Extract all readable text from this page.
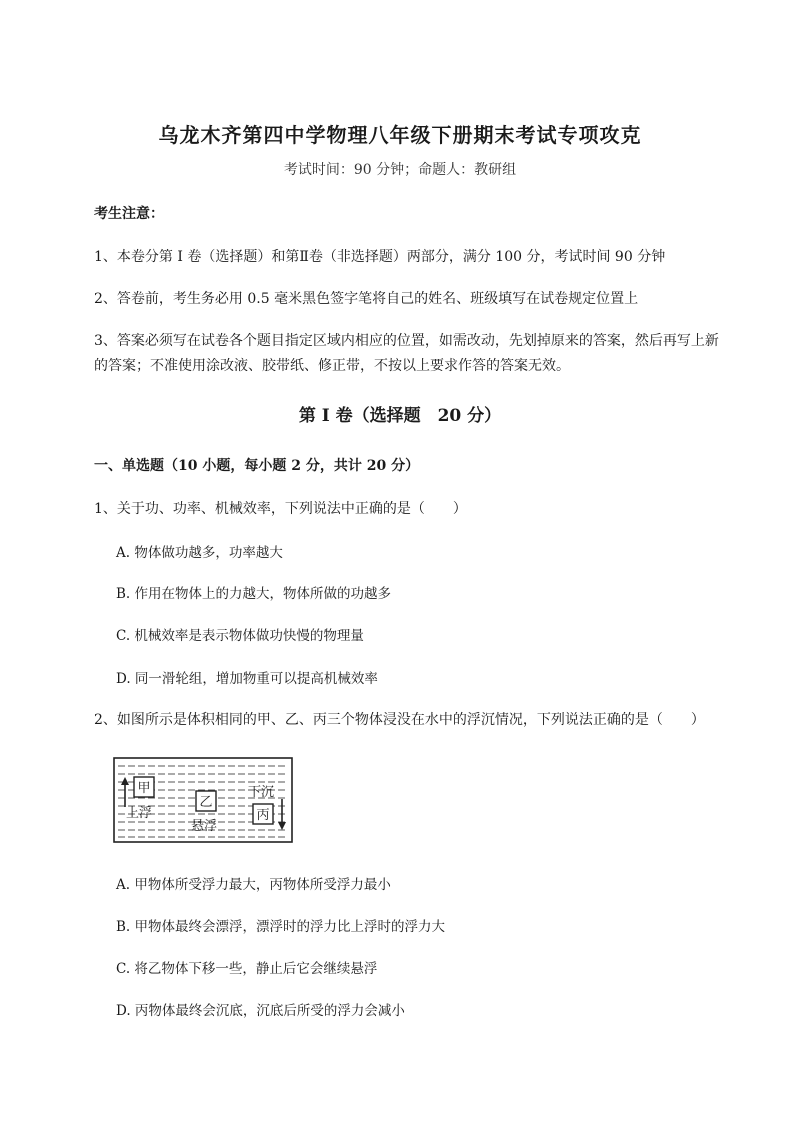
乌龙木齐第四中学物理八年级下册期末考试专项攻克
考试时间：90 分钟；命题人：教研组
考生注意：
1、本卷分第 I 卷（选择题）和第Ⅱ卷（非选择题）两部分，满分 100 分，考试时间 90 分钟
2、答卷前，考生务必用 0.5 毫米黑色签字笔将自己的姓名、班级填写在试卷规定位置上
3、答案必须写在试卷各个题目指定区域内相应的位置，如需改动，先划掉原来的答案，然后再写上新
的答案；不准使用涂改液、胶带纸、修正带，不按以上要求作答的答案无效。
第 I 卷（选择题　20 分）
一、单选题（10 小题，每小题 2 分，共计 20 分）
1、关于功、功率、机械效率，下列说法中正确的是（　　）
A. 物体做功越多，功率越大
B. 作用在物体上的力越大，物体所做的功越多
C. 机械效率是表示物体做功快慢的物理量
D. 同一滑轮组，增加物重可以提高机械效率
2、如图所示是体积相同的甲、乙、丙三个物体浸没在水中的浮沉情况，下列说法正确的是（　　）
甲
上浮
乙
悬浮
丙
下沉
A. 甲物体所受浮力最大，丙物体所受浮力最小
B. 甲物体最终会漂浮，漂浮时的浮力比上浮时的浮力大
C. 将乙物体下移一些，静止后它会继续悬浮
D. 丙物体最终会沉底，沉底后所受的浮力会减小
